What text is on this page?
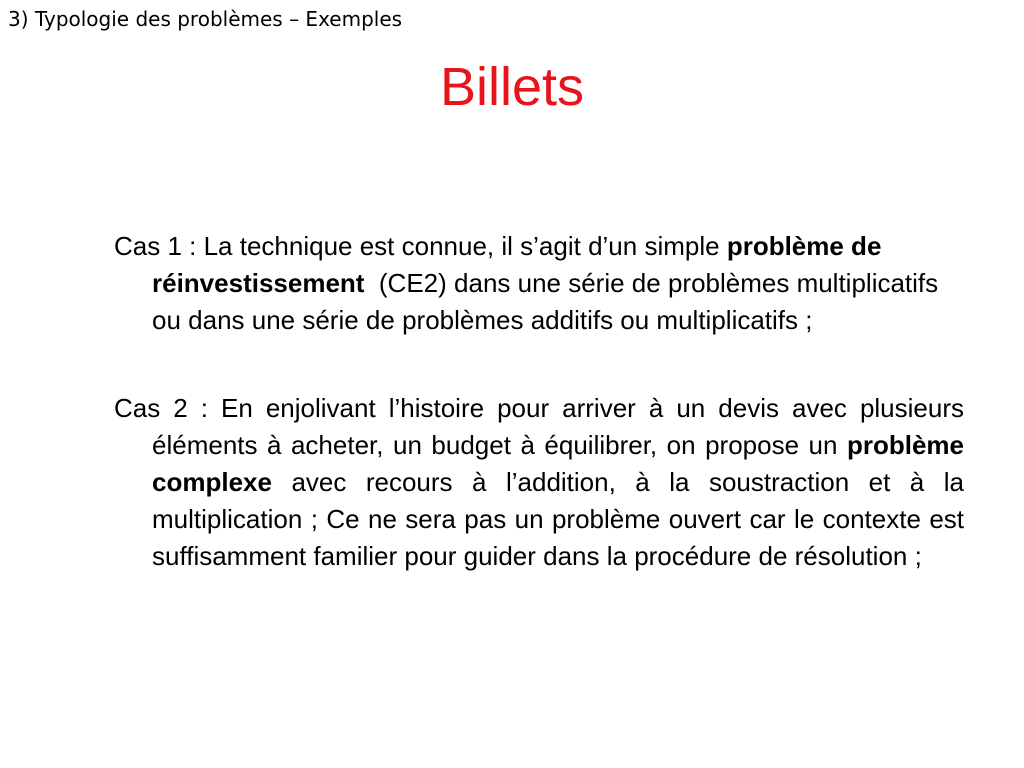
3) Typologie des problèmes – Exemples
Billets

Cas 1 : La technique est connue, il s’agit d’un simple problème de réinvestissement  (CE2) dans une série de problèmes multiplicatifs ou dans une série de problèmes additifs ou multiplicatifs ;

Cas 2 : En enjolivant l’histoire pour arriver à un devis avec plusieurs éléments à acheter, un budget à équilibrer, on propose un problème complexe avec recours à l’addition, à la soustraction et à la multiplication ; Ce ne sera pas un problème ouvert car le contexte est suffisamment familier pour guider dans la procédure de résolution ;
